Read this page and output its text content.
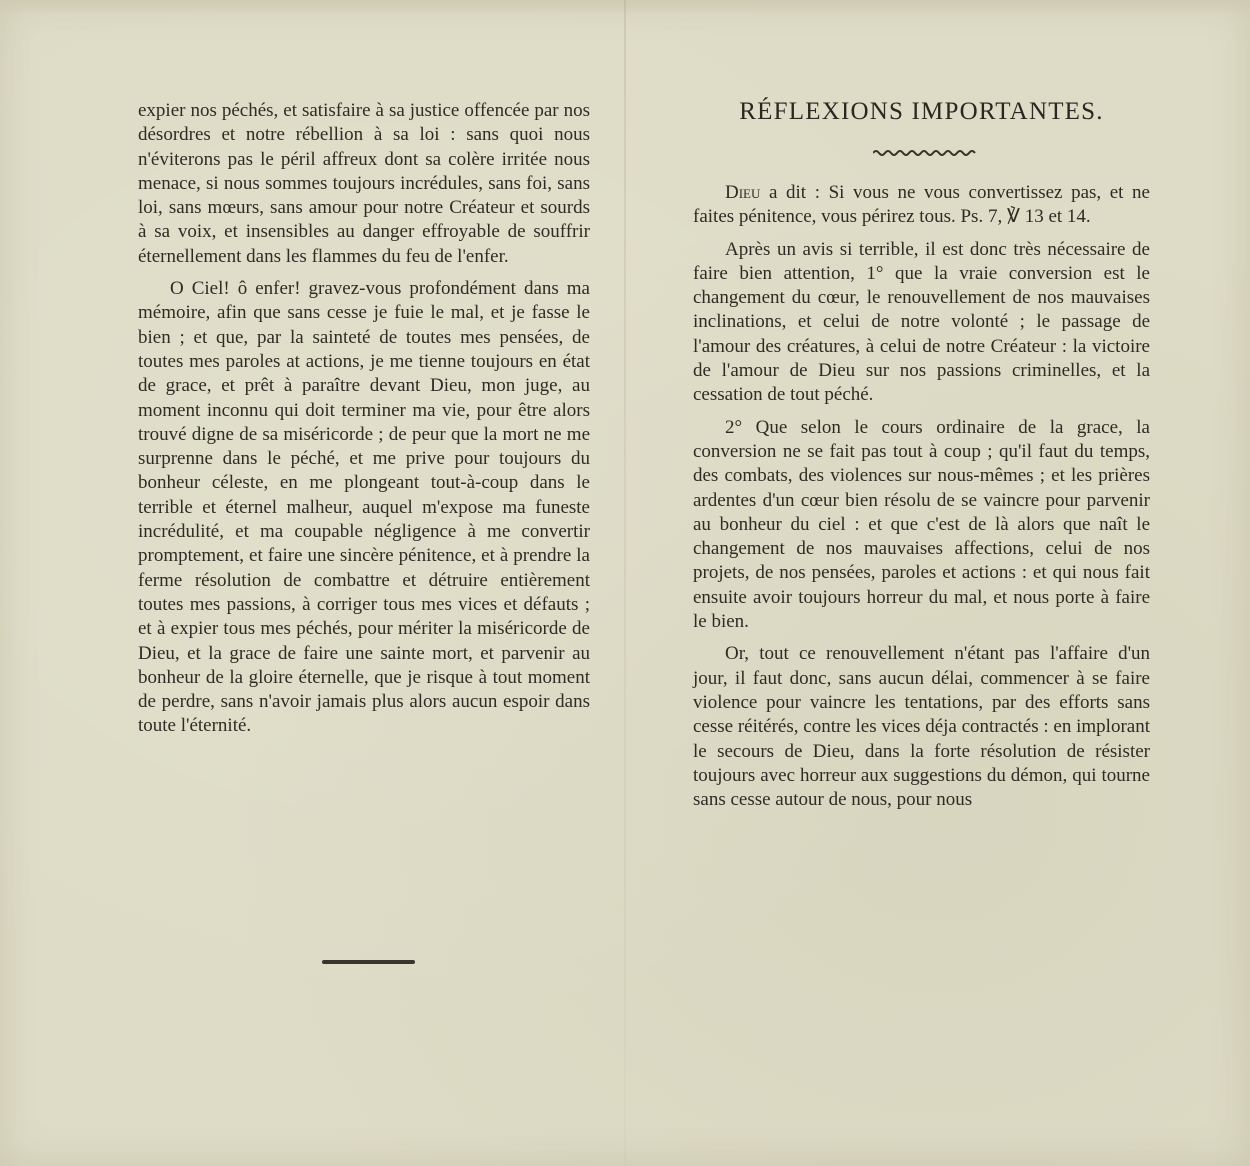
expier nos péchés, et satisfaire à sa justice offencée par nos désordres et notre rébellion à sa loi : sans quoi nous n'éviterons pas le péril affreux dont sa colère irritée nous menace, si nous sommes toujours incrédules, sans foi, sans loi, sans mœurs, sans amour pour notre Créateur et sourds à sa voix, et insensibles au danger effroyable de souffrir éternellement dans les flammes du feu de l'enfer.

O Ciel! ô enfer! gravez-vous profondément dans ma mémoire, afin que sans cesse je fuie le mal, et je fasse le bien ; et que, par la sainteté de toutes mes pensées, de toutes mes paroles at actions, je me tienne toujours en état de grace, et prêt à paraître devant Dieu, mon juge, au moment inconnu qui doit terminer ma vie, pour être alors trouvé digne de sa miséricorde ; de peur que la mort ne me surprenne dans le péché, et me prive pour toujours du bonheur céleste, en me plongeant tout-à-coup dans le terrible et éternel malheur, auquel m'expose ma funeste incrédulité, et ma coupable négligence à me convertir promptement, et faire une sincère pénitence, et à prendre la ferme résolution de combattre et détruire entièrement toutes mes passions, à corriger tous mes vices et défauts ; et à expier tous mes péchés, pour mériter la miséricorde de Dieu, et la grace de faire une sainte mort, et parvenir au bonheur de la gloire éternelle, que je risque à tout moment de perdre, sans n'avoir jamais plus alors aucun espoir dans toute l'éternité.

RÉFLEXIONS IMPORTANTES.

Dieu a dit : Si vous ne vous convertissez pas, et ne faites pénitence, vous périrez tous. Ps. 7, ℣ 13 et 14.

Après un avis si terrible, il est donc très nécessaire de faire bien attention, 1° que la vraie conversion est le changement du cœur, le renouvellement de nos mauvaises inclinations, et celui de notre volonté ; le passage de l'amour des créatures, à celui de notre Créateur : la victoire de l'amour de Dieu sur nos passions criminelles, et la cessation de tout péché.

2° Que selon le cours ordinaire de la grace, la conversion ne se fait pas tout à coup ; qu'il faut du temps, des combats, des violences sur nous-mêmes ; et les prières ardentes d'un cœur bien résolu de se vaincre pour parvenir au bonheur du ciel : et que c'est de là alors que naît le changement de nos mauvaises affections, celui de nos projets, de nos pensées, paroles et actions : et qui nous fait ensuite avoir toujours horreur du mal, et nous porte à faire le bien.

Or, tout ce renouvellement n'étant pas l'affaire d'un jour, il faut donc, sans aucun délai, commencer à se faire violence pour vaincre les tentations, par des efforts sans cesse réitérés, contre les vices déja contractés : en implorant le secours de Dieu, dans la forte résolution de résister toujours avec horreur aux suggestions du démon, qui tourne sans cesse autour de nous, pour nous
